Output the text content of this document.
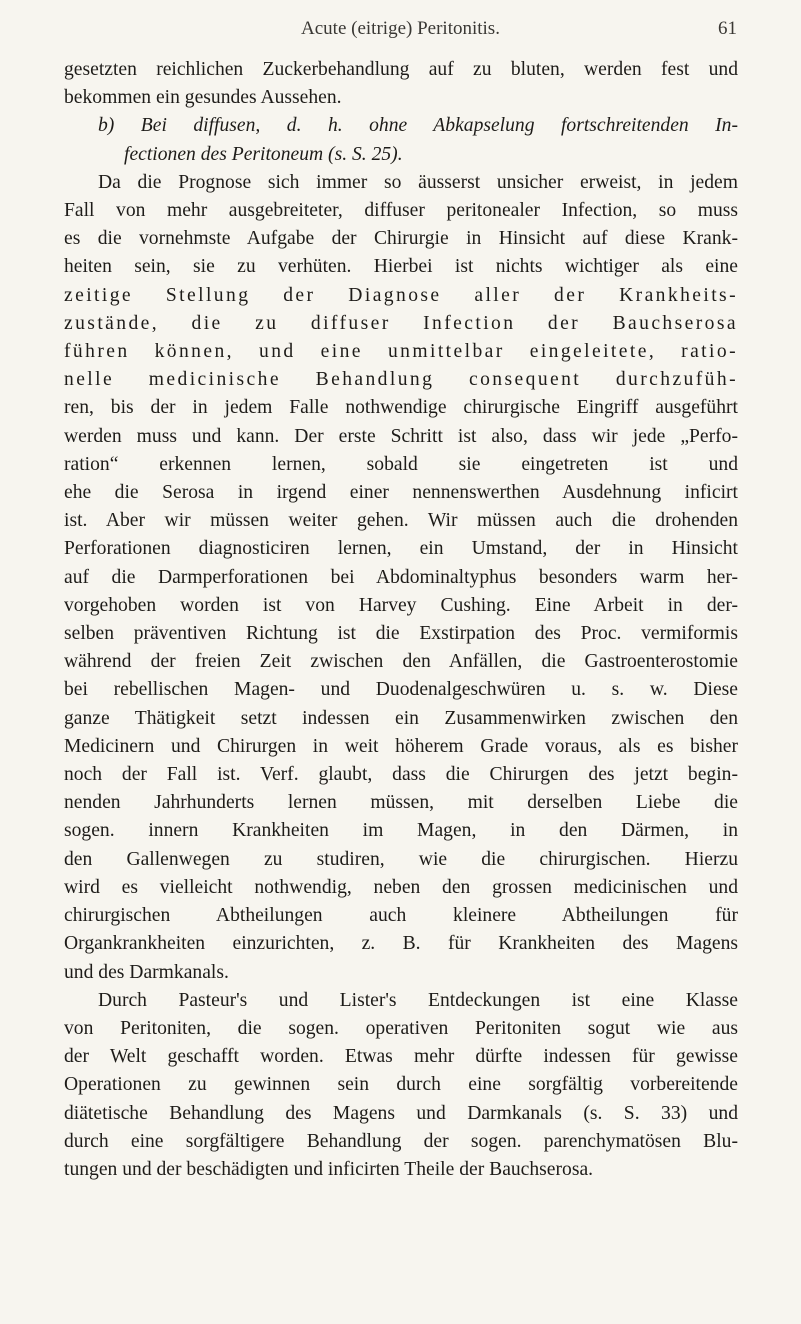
Acute (eitrige) Peritonitis.	61
gesetzten reichlichen Zuckerbehandlung auf zu bluten, werden fest und
bekommen ein gesundes Aussehen.
b) Bei diffusen, d. h. ohne Abkapselung fortschreitenden In-
fectionen des Peritoneum (s. S. 25).
Da die Prognose sich immer so äusserst unsicher erweist, in jedem
Fall von mehr ausgebreiteter, diffuser peritonealer Infection, so muss
es die vornehmste Aufgabe der Chirurgie in Hinsicht auf diese Krank-
heiten sein, sie zu verhüten. Hierbei ist nichts wichtiger als eine
zeitige Stellung der Diagnose aller der Krankheits-
zustände, die zu diffuser Infection der Bauchserosa
führen können, und eine unmittelbar eingeleitete, ratio-
nelle medicinische Behandlung consequent durchzufüh-
ren, bis der in jedem Falle nothwendige chirurgische Eingriff ausgeführt
werden muss und kann. Der erste Schritt ist also, dass wir jede „Perfo-
ration“ erkennen lernen, sobald sie eingetreten ist und
ehe die Serosa in irgend einer nennenswerthen Ausdehnung inficirt
ist. Aber wir müssen weiter gehen. Wir müssen auch die drohenden
Perforationen diagnosticiren lernen, ein Umstand, der in Hinsicht
auf die Darmperforationen bei Abdominaltyphus besonders warm her-
vorgehoben worden ist von Harvey Cushing. Eine Arbeit in der-
selben präventiven Richtung ist die Exstirpation des Proc. vermiformis
während der freien Zeit zwischen den Anfällen, die Gastroenterostomie
bei rebellischen Magen- und Duodenalgeschwüren u. s. w. Diese
ganze Thätigkeit setzt indessen ein Zusammenwirken zwischen den
Medicinern und Chirurgen in weit höherem Grade voraus, als es bisher
noch der Fall ist. Verf. glaubt, dass die Chirurgen des jetzt begin-
nenden Jahrhunderts lernen müssen, mit derselben Liebe die
sogen. innern Krankheiten im Magen, in den Därmen, in
den Gallenwegen zu studiren, wie die chirurgischen. Hierzu
wird es vielleicht nothwendig, neben den grossen medicinischen und
chirurgischen Abtheilungen auch kleinere Abtheilungen für
Organkrankheiten einzurichten, z. B. für Krankheiten des Magens
und des Darmkanals.
Durch Pasteur's und Lister's Entdeckungen ist eine Klasse
von Peritoniten, die sogen. operativen Peritoniten sogut wie aus
der Welt geschafft worden. Etwas mehr dürfte indessen für gewisse
Operationen zu gewinnen sein durch eine sorgfältig vorbereitende
diätetische Behandlung des Magens und Darmkanals (s. S. 33) und
durch eine sorgfältigere Behandlung der sogen. parenchymatösen Blu-
tungen und der beschädigten und inficirten Theile der Bauchserosa.
